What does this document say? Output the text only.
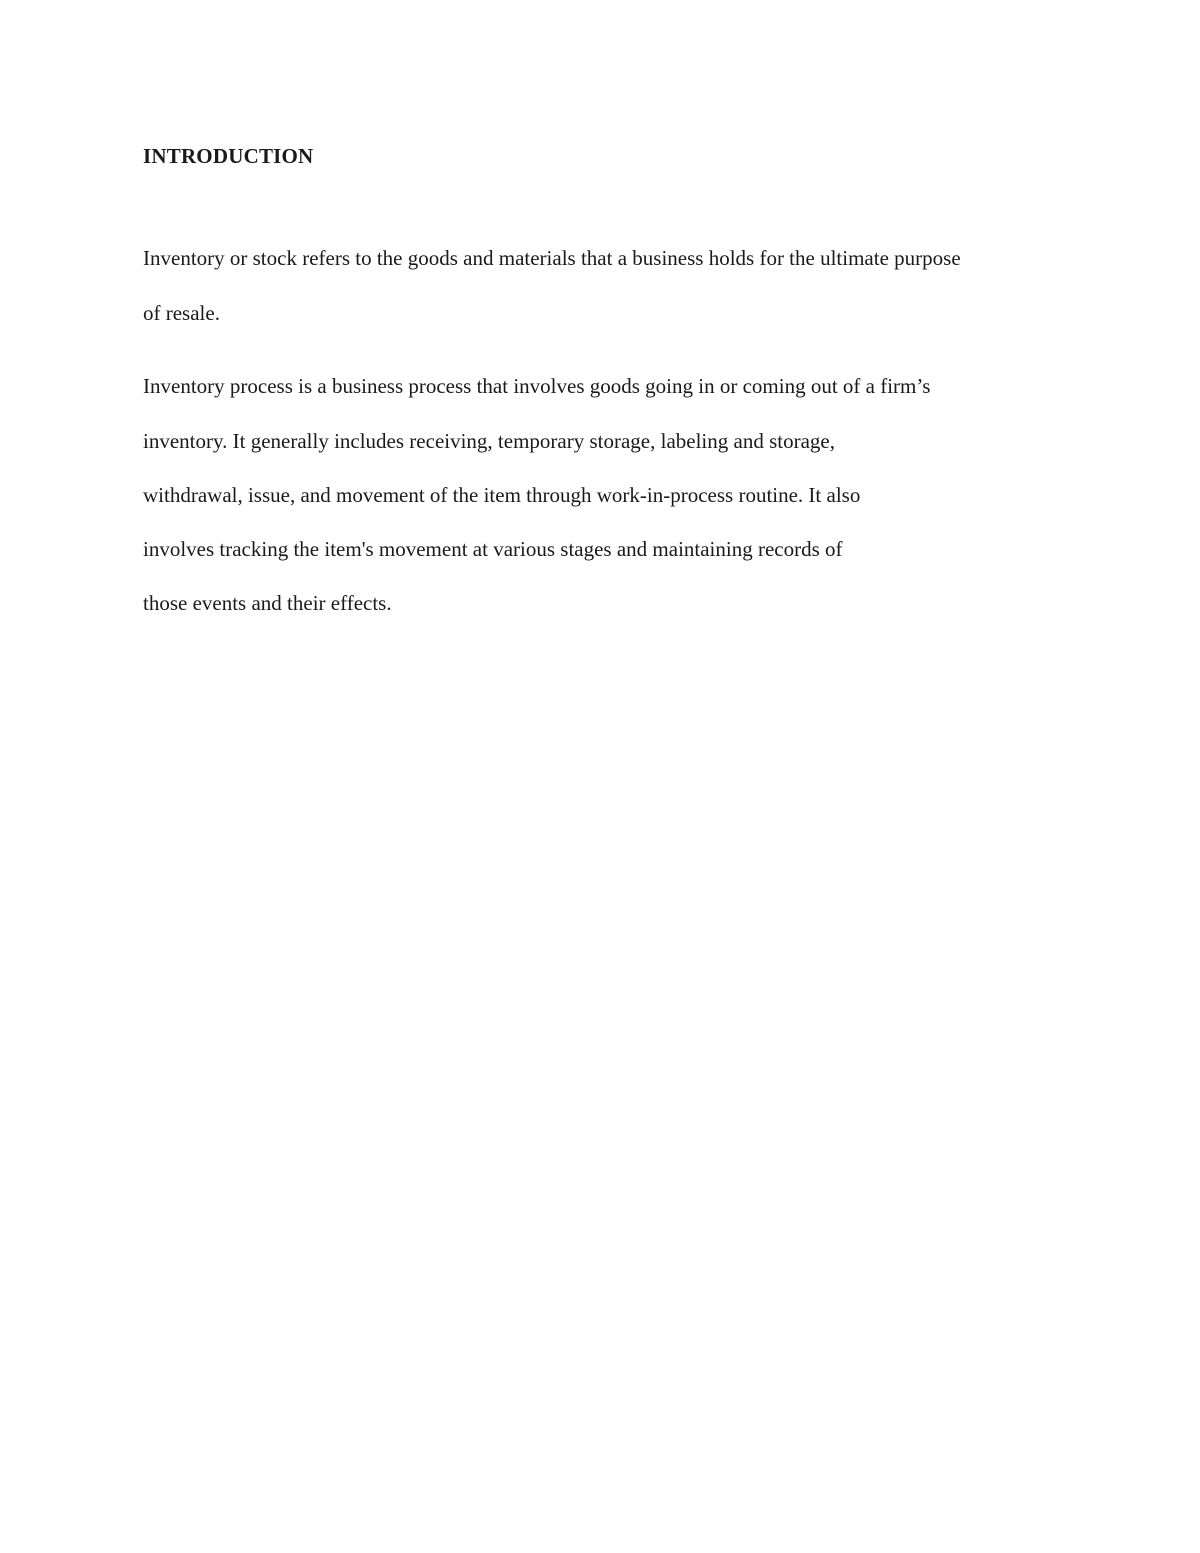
INTRODUCTION
Inventory or stock refers to the goods and materials that a business holds for the ultimate purpose
of resale.
Inventory process is a business process that involves goods going in or coming out of a firm’s
inventory. It generally includes receiving, temporary storage, labeling and storage,
withdrawal, issue, and movement of the item through work-in-process routine. It also
involves tracking the item's movement at various stages and maintaining records of
those events and their effects.
